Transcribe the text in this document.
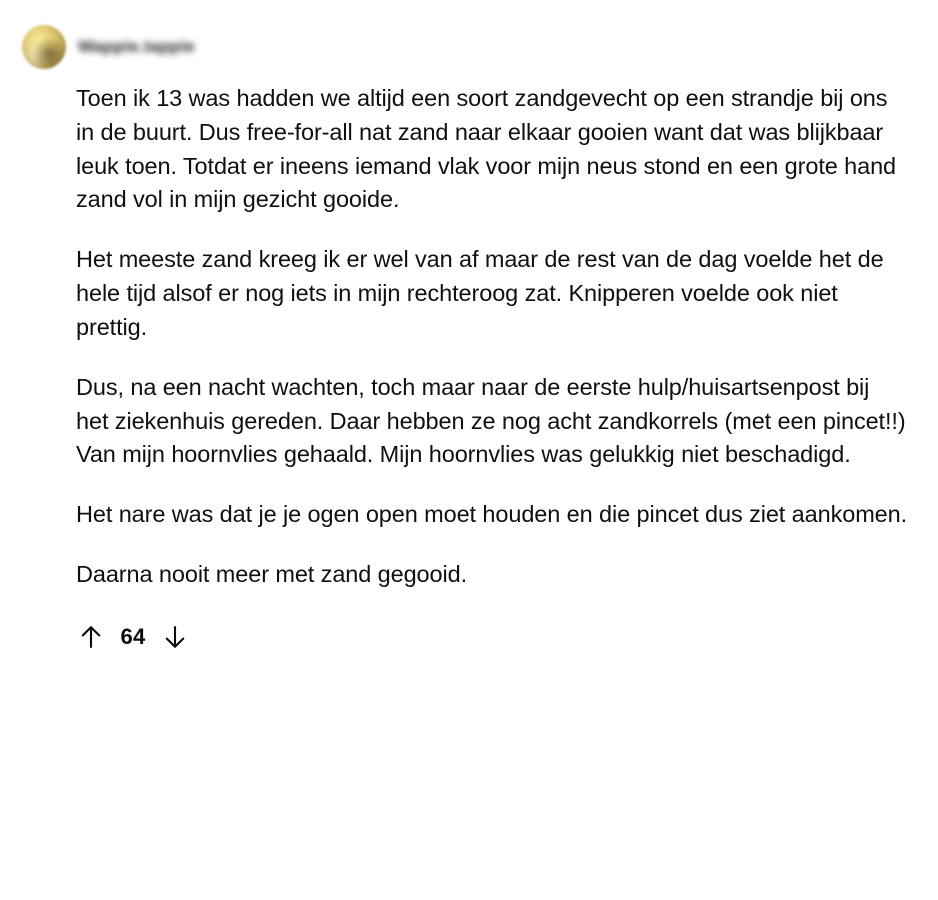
Wappie.tappie

Toen ik 13 was hadden we altijd een soort zandgevecht op een strandje bij ons in de buurt. Dus free-for-all nat zand naar elkaar gooien want dat was blijkbaar leuk toen. Totdat er ineens iemand vlak voor mijn neus stond en een grote hand zand vol in mijn gezicht gooide.

Het meeste zand kreeg ik er wel van af maar de rest van de dag voelde het de hele tijd alsof er nog iets in mijn rechteroog zat. Knipperen voelde ook niet prettig.

Dus, na een nacht wachten, toch maar naar de eerste hulp/huisartsenpost bij het ziekenhuis gereden. Daar hebben ze nog acht zandkorrels (met een pincet!!) Van mijn hoornvlies gehaald. Mijn hoornvlies was gelukkig niet beschadigd.

Het nare was dat je je ogen open moet houden en die pincet dus ziet aankomen.

Daarna nooit meer met zand gegooid.

64
